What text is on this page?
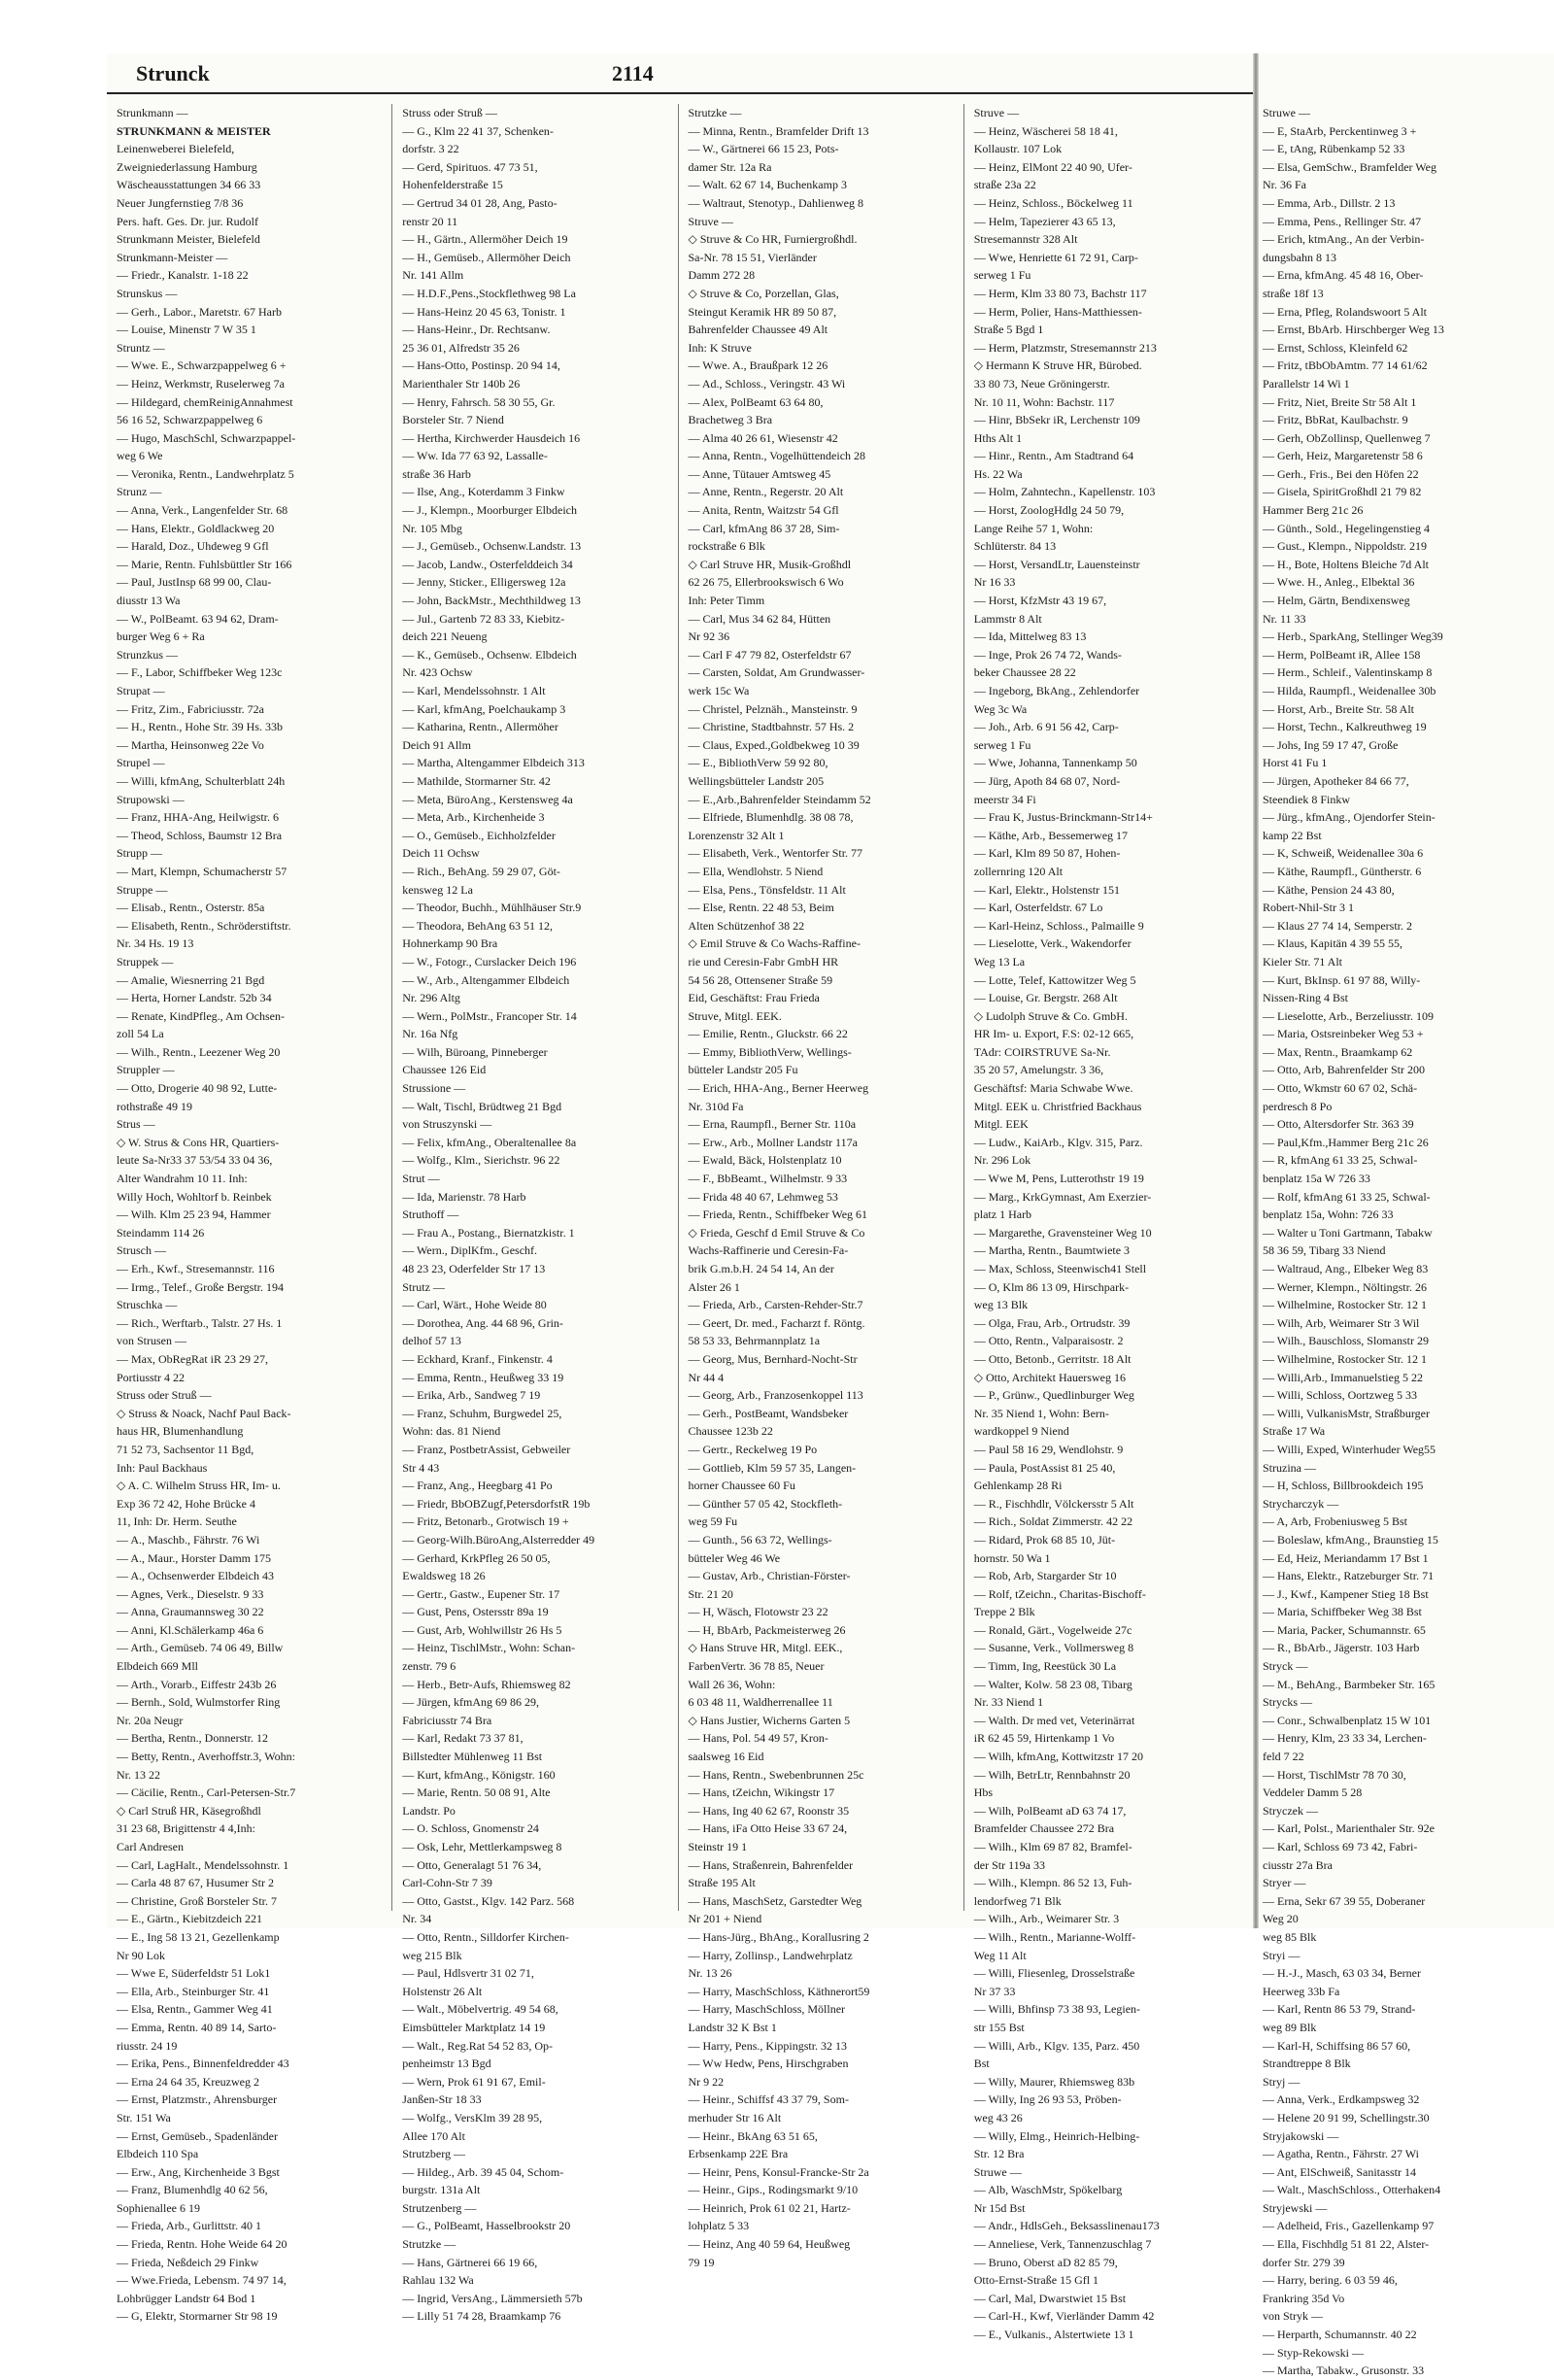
Strunck	2114
Strunkmann —
STRUNKMANN & MEISTER
Leinenweberei Bielefeld,
Zweigniederlassung Hamburg
Wäscheausstattungen 34 66 33
Neuer Jungfernstieg 7/8 36
Pers. haft. Ges. Dr. jur. Rudolf
Strunkmann Meister, Bielefeld
Strunkmann-Meister —
— Friedr., Kanalstr. 1-18 22
Strunskus —
— Gerh., Labor., Maretstr. 67 Harb
— Louise, Minenstr 7 W 35 1
Struntz —
— Wwe. E., Schwarzpappelweg 6 +
— Heinz, Werkmstr, Ruselerweg 7a
— Hildegard, chemReinigAnnahmest
56 16 52, Schwarzpappelweg 6
— Hugo, MaschSchl, Schwarzpappel-
weg 6 We
— Veronika, Rentn., Landwehrplatz 5
Strunz —
— Anna, Verk., Langenfelder Str. 68
— Hans, Elektr., Goldlackweg 20
— Harald, Doz., Uhdeweg 9 Gfl
— Marie, Rentn. Fuhlsbüttler Str 166
— Paul, JustInsp 68 99 00, Clau-
diusstr 13 Wa
— W., PolBeamt. 63 94 62, Dram-
burger Weg 6 + Ra
Strunzkus —
— F., Labor, Schiffbeker Weg 123c
Strupat —
— Fritz, Zim., Fabriciusstr. 72a
— H., Rentn., Hohe Str. 39 Hs. 33b
— Martha, Heinsonweg 22e Vo
Strupel —
— Willi, kfmAng, Schulterblatt 24h
Strupowski —
— Franz, HHA-Ang, Heilwigstr. 6
— Theod, Schloss, Baumstr 12 Bra
Strupp —
— Mart, Klempn, Schumacherstr 57
Struppe —
— Elisab., Rentn., Osterstr. 85a
— Elisabeth, Rentn., Schröderstiftstr.
Nr. 34 Hs. 19 13
Struppek —
— Amalie, Wiesnerring 21 Bgd
— Herta, Horner Landstr. 52b 34
— Renate, KindPfleg., Am Ochsen-
zoll 54 La
— Wilh., Rentn., Leezener Weg 20
Struppler —
— Otto, Drogerie 40 98 92, Lutte-
rothstraße 49 19
Strus —
◇ W. Strus & Cons HR, Quartiers-
leute Sa-Nr33 37 53/54 33 04 36,
Alter Wandrahm 10 11. Inh:
Willy Hoch, Wohltorf b. Reinbek
— Wilh. Klm 25 23 94, Hammer
Steindamm 114 26
Strusch —
— Erh., Kwf., Stresemannstr. 116
— Irmg., Telef., Große Bergstr. 194
Struschka —
— Rich., Werftarb., Talstr. 27 Hs. 1
von Strusen —
— Max, ObRegRat iR 23 29 27,
Portiusstr 4 22
Struss oder Struß —
◇ Struss & Noack, Nachf Paul Back-
haus HR, Blumenhandlung
71 52 73, Sachsentor 11 Bgd,
Inh: Paul Backhaus
◇ A. C. Wilhelm Struss HR, Im- u.
Exp 36 72 42, Hohe Brücke 4
11, Inh: Dr. Herm. Seuthe
— A., Maschb., Fährstr. 76 Wi
— A., Maur., Horster Damm 175
— A., Ochsenwerder Elbdeich 43
— Agnes, Verk., Dieselstr. 9 33
— Anna, Graumannsweg 30 22
— Anni, Kl.Schälerkamp 46a 6
— Arth., Gemüseb. 74 06 49, Billw
Elbdeich 669 Mll
— Arth., Vorarb., Eiffestr 243b 26
— Bernh., Sold, Wulmstorfer Ring
Nr. 20a Neugr
— Bertha, Rentn., Donnerstr. 12
— Betty, Rentn., Averhoffstr.3, Wohn:
Nr. 13 22
— Cäcilie, Rentn., Carl-Petersen-Str.7
◇ Carl Struß HR, Käsegroßhdl
31 23 68, Brigittenstr 4 4,Inh:
Carl Andresen
— Carl, LagHalt., Mendelssohnstr. 1
— Carla 48 87 67, Husumer Str 2
— Christine, Groß Borsteler Str. 7
— E., Gärtn., Kiebitzdeich 221
— E., Ing 58 13 21, Gezellenkamp
Nr 90 Lok
— Wwe E, Süderfeldstr 51 Lok1
— Ella, Arb., Steinburger Str. 41
— Elsa, Rentn., Gammer Weg 41
— Emma, Rentn. 40 89 14, Sarto-
riusstr. 24 19
— Erika, Pens., Binnenfeldredder 43
— Erna 24 64 35, Kreuzweg 2
— Ernst, Platzmstr., Ahrensburger
Str. 151 Wa
— Ernst, Gemüseb., Spadenländer
Elbdeich 110 Spa
— Erw., Ang, Kirchenheide 3 Bgst
— Franz, Blumenhdlg 40 62 56,
Sophienallee 6 19
— Frieda, Arb., Gurlittstr. 40 1
— Frieda, Rentn. Hohe Weide 64 20
— Frieda, Neßdeich 29 Finkw
— Wwe.Frieda, Lebensm. 74 97 14,
Lohbrügger Landstr 64 Bod 1
— G, Elektr, Stormarner Str 98 19
Struss oder Struß —
— G., Klm 22 41 37, Schenken-
dorfstr. 3 22
— Gerd, Spirituos. 47 73 51,
Hohenfelderstraße 15
— Gertrud 34 01 28, Ang, Pasto-
renstr 20 11
— H., Gärtn., Allermöher Deich 19
— H., Gemüseb., Allermöher Deich
Nr. 141 Allm
— H.D.F.,Pens.,Stockflethweg 98 La
— Hans-Heinz 20 45 63, Tonistr. 1
— Hans-Heinr., Dr. Rechtsanw.
25 36 01, Alfredstr 35 26
— Hans-Otto, Postinsp. 20 94 14,
Marienthaler Str 140b 26
— Henry, Fahrsch. 58 30 55, Gr.
Borsteler Str. 7 Niend
— Hertha, Kirchwerder Hausdeich 16
— Ww. Ida 77 63 92, Lassalle-
straße 36 Harb
— Ilse, Ang., Koterdamm 3 Finkw
— J., Klempn., Moorburger Elbdeich
Nr. 105 Mbg
— J., Gemüseb., Ochsenw.Landstr. 13
— Jacob, Landw., Osterfelddeich 34
— Jenny, Sticker., Elligersweg 12a
— John, BackMstr., Mechthildweg 13
— Jul., Gartenb 72 83 33, Kiebitz-
deich 221 Neueng
— K., Gemüseb., Ochsenw. Elbdeich
Nr. 423 Ochsw
— Karl, Mendelssohnstr. 1 Alt
— Karl, kfmAng, Poelchaukamp 3
— Katharina, Rentn., Allermöher
Deich 91 Allm
— Martha, Altengammer Elbdeich 313
— Mathilde, Stormarner Str. 42
— Meta, BüroAng., Kerstensweg 4a
— Meta, Arb., Kirchenheide 3
— O., Gemüseb., Eichholzfelder
Deich 11 Ochsw
— Rich., BehAng. 59 29 07, Göt-
kensweg 12 La
— Theodor, Buchh., Mühlhäuser Str.9
— Theodora, BehAng 63 51 12,
Hohnerkamp 90 Bra
— W., Fotogr., Curslacker Deich 196
— W., Arb., Altengammer Elbdeich
Nr. 296 Altg
— Wern., PolMstr., Francoper Str. 14
Nr. 16a Nfg
— Wilh, Büroang, Pinneberger
Chaussee 126 Eid
Strussione —
— Walt, Tischl, Brüdtweg 21 Bgd
von Struszynski —
— Felix, kfmAng., Oberaltenallee 8a
— Wolfg., Klm., Sierichstr. 96 22
Strut —
— Ida, Marienstr. 78 Harb
Struthoff —
— Frau A., Postang., Biernatzkistr. 1
— Wern., DiplKfm., Geschf.
48 23 23, Oderfelder Str 17 13
Strutz —
— Carl, Wärt., Hohe Weide 80
— Dorothea, Ang. 44 68 96, Grin-
delhof 57 13
— Eckhard, Kranf., Finkenstr. 4
— Emma, Rentn., Heußweg 33 19
— Erika, Arb., Sandweg 7 19
— Franz, Schuhm, Burgwedel 25,
Wohn: das. 81 Niend
— Franz, PostbetrAssist, Gebweiler
Str 4 43
— Franz, Ang., Heegbarg 41 Po
— Friedr, BbOBZugf,PetersdorfstR 19b
— Fritz, Betonarb., Grotwisch 19 +
— Georg-Wilh.BüroAng,Alsterredder 49
— Gerhard, KrkPfleg 26 50 05,
Ewaldsweg 18 26
— Gertr., Gastw., Eupener Str. 17
— Gust, Pens, Ostersstr 89a 19
— Gust, Arb, Wohlwillstr 26 Hs 5
— Heinz, TischlMstr., Wohn: Schan-
zenstr. 79 6
— Herb., Betr-Aufs, Rhiemsweg 82
— Jürgen, kfmAng 69 86 29,
Fabriciusstr 74 Bra
— Karl, Redakt 73 37 81,
Billstedter Mühlenweg 11 Bst
— Kurt, kfmAng., Königstr. 160
— Marie, Rentn. 50 08 91, Alte
Landstr. Po
— O. Schloss, Gnomenstr 24
— Osk, Lehr, Mettlerkampsweg 8
— Otto, Generalagt 51 76 34,
Carl-Cohn-Str 7 39
— Otto, Gastst., Klgv. 142 Parz. 568
Nr. 34
— Otto, Rentn., Silldorfer Kirchen-
weg 215 Blk
— Paul, Hdlsvertr 31 02 71,
Holstenstr 26 Alt
— Walt., Möbelvertrig. 49 54 68,
Eimsbütteler Marktplatz 14 19
— Walt., Reg.Rat 54 52 83, Op-
penheimstr 13 Bgd
— Wern, Prok 61 91 67, Emil-
Janßen-Str 18 33
— Wolfg., VersKlm 39 28 95,
Allee 170 Alt
Strutzberg —
— Hildeg., Arb. 39 45 04, Schom-
burgstr. 131a Alt
Strutzenberg —
— G., PolBeamt, Hasselbrookstr 20
Strutzke —
— Hans, Gärtnerei 66 19 66,
Rahlau 132 Wa
— Ingrid, VersAng., Lämmersieth 57b
— Lilly 51 74 28, Braamkamp 76
Strutzke —
— Minna, Rentn., Bramfelder Drift 13
— W., Gärtnerei 66 15 23, Pots-
damer Str. 12a Ra
— Walt. 62 67 14, Buchenkamp 3
— Waltraut, Stenotyp., Dahlienweg 8
Struve —
◇ Struve & Co HR, Furniergroßhdl.
Sa-Nr. 78 15 51, Vierländer
Damm 272 28
◇ Struve & Co, Porzellan, Glas,
Steingut Keramik HR 89 50 87,
Bahrenfelder Chaussee 49 Alt
Inh: K Struve
— Wwe. A., Braußpark 12 26
— Ad., Schloss., Veringstr. 43 Wi
— Alex, PolBeamt 63 64 80,
Brachetweg 3 Bra
— Alma 40 26 61, Wiesenstr 42
— Anna, Rentn., Vogelhüttendeich 28
— Anne, Tütauer Amtsweg 45
— Anne, Rentn., Regerstr. 20 Alt
— Anita, Rentn, Waitzstr 54 Gfl
— Carl, kfmAng 86 37 28, Sim-
rockstraße 6 Blk
◇ Carl Struve HR, Musik-Großhdl
62 26 75, Ellerbrookswisch 6 Wo
Inh: Peter Timm
— Carl, Mus 34 62 84, Hütten
Nr 92 36
— Carl F 47 79 82, Osterfeldstr 67
— Carsten, Soldat, Am Grundwasser-
werk 15c Wa
— Christel, Pelznäh., Mansteinstr. 9
— Christine, Stadtbahnstr. 57 Hs. 2
— Claus, Exped.,Goldbekweg 10 39
— E., BibliothVerw 59 92 80,
Wellingsbütteler Landstr 205
— E.,Arb.,Bahrenfelder Steindamm 52
— Elfriede, Blumenhdlg. 38 08 78,
Lorenzenstr 32 Alt 1
— Elisabeth, Verk., Wentorfer Str. 77
— Ella, Wendlohstr. 5 Niend
— Elsa, Pens., Tönsfeldstr. 11 Alt
— Else, Rentn. 22 48 53, Beim
Alten Schützenhof 38 22
◇ Emil Struve & Co Wachs-Raffine-
rie und Ceresin-Fabr GmbH HR
54 56 28, Ottensener Straße 59
Eid, Geschäftst: Frau Frieda
Struve, Mitgl. EEK.
— Emilie, Rentn., Gluckstr. 66 22
— Emmy, BibliothVerw, Wellings-
bütteler Landstr 205 Fu
— Erich, HHA-Ang., Berner Heerweg
Nr. 310d Fa
— Erna, Raumpfl., Berner Str. 110a
— Erw., Arb., Mollner Landstr 117a
— Ewald, Bäck, Holstenplatz 10
— F., BbBeamt., Wilhelmstr. 9 33
— Frida 48 40 67, Lehmweg 53
— Frieda, Rentn., Schiffbeker Weg 61
◇ Frieda, Geschf d Emil Struve & Co
Wachs-Raffinerie und Ceresin-Fa-
brik G.m.b.H. 24 54 14, An der
Alster 26 1
— Frieda, Arb., Carsten-Rehder-Str.7
— Geert, Dr. med., Facharzt f. Röntg.
58 53 33, Behrmannplatz 1a
— Georg, Mus, Bernhard-Nocht-Str
Nr 44 4
— Georg, Arb., Franzosenkoppel 113
— Gerh., PostBeamt, Wandsbeker
Chaussee 123b 22
— Gertr., Reckelweg 19 Po
— Gottlieb, Klm 59 57 35, Langen-
horner Chaussee 60 Fu
— Günther 57 05 42, Stockfleth-
weg 59 Fu
— Gunth., 56 63 72, Wellings-
bütteler Weg 46 We
— Gustav, Arb., Christian-Förster-
Str. 21 20
— H, Wäsch, Flotowstr 23 22
— H, BbArb, Packmeisterweg 26
◇ Hans Struve HR, Mitgl. EEK.,
FarbenVertr. 36 78 85, Neuer
Wall 26 36, Wohn:
6 03 48 11, Waldherrenallee 11
◇ Hans Justier, Wicherns Garten 5
— Hans, Pol. 54 49 57, Kron-
saalsweg 16 Eid
— Hans, Rentn., Swebenbrunnen 25c
— Hans, tZeichn, Wikingstr 17
— Hans, Ing 40 62 67, Roonstr 35
— Hans, iFa Otto Heise 33 67 24,
Steinstr 19 1
— Hans, Straßenrein, Bahrenfelder
Straße 195 Alt
— Hans, MaschSetz, Garstedter Weg
Nr 201 + Niend
— Hans-Jürg., BhAng., Korallusring 2
— Harry, Zollinsp., Landwehrplatz
Nr. 13 26
— Harry, MaschSchloss, Käthnerort59
— Harry, MaschSchloss, Möllner
Landstr 32 K Bst 1
— Harry, Pens., Kippingstr. 32 13
— Ww Hedw, Pens, Hirschgraben
Nr 9 22
— Heinr., Schiffsf 43 37 79, Som-
merhuder Str 16 Alt
— Heinr., BkAng 63 51 65,
Erbsenkamp 22E Bra
— Heinr, Pens, Konsul-Francke-Str 2a
— Heinr., Gips., Rodingsmarkt 9/10
— Heinrich, Prok 61 02 21, Hartz-
lohplatz 5 33
— Heinz, Ang 40 59 64, Heußweg
79 19
Struve —
— Heinz, Wäscherei 58 18 41,
Kollaustr. 107 Lok
— Heinz, ElMont 22 40 90, Ufer-
straße 23a 22
— Heinz, Schloss., Böckelweg 11
— Helm, Tapezierer 43 65 13,
Stresemannstr 328 Alt
— Wwe, Henriette 61 72 91, Carp-
serweg 1 Fu
— Herm, Klm 33 80 73, Bachstr 117
— Herm, Polier, Hans-Matthiessen-
Straße 5 Bgd 1
— Herm, Platzmstr, Stresemannstr 213
◇ Hermann K Struve HR, Bürobed.
33 80 73, Neue Gröningerstr.
Nr. 10 11, Wohn: Bachstr. 117
— Hinr, BbSekr iR, Lerchenstr 109
Hths Alt 1
— Hinr., Rentn., Am Stadtrand 64
Hs. 22 Wa
— Holm, Zahntechn., Kapellenstr. 103
— Horst, ZoologHdlg 24 50 79,
Lange Reihe 57 1, Wohn:
Schlüterstr. 84 13
— Horst, VersandLtr, Lauensteinstr
Nr 16 33
— Horst, KfzMstr 43 19 67,
Lammstr 8 Alt
— Ida, Mittelweg 83 13
— Inge, Prok 26 74 72, Wands-
beker Chaussee 28 22
— Ingeborg, BkAng., Zehlendorfer
Weg 3c Wa
— Joh., Arb. 6 91 56 42, Carp-
serweg 1 Fu
— Wwe, Johanna, Tannenkamp 50
— Jürg, Apoth 84 68 07, Nord-
meerstr 34 Fi
— Frau K, Justus-Brinckmann-Str14+
— Käthe, Arb., Bessemerweg 17
— Karl, Klm 89 50 87, Hohen-
zollernring 120 Alt
— Karl, Elektr., Holstenstr 151
— Karl, Osterfeldstr. 67 Lo
— Karl-Heinz, Schloss., Palmaille 9
— Lieselotte, Verk., Wakendorfer
Weg 13 La
— Lotte, Telef, Kattowitzer Weg 5
— Louise, Gr. Bergstr. 268 Alt
◇ Ludolph Struve & Co. GmbH.
HR Im- u. Export, F.S: 02-12 665,
TAdr: COIRSTRUVE Sa-Nr.
35 20 57, Amelungstr. 3 36,
Geschäftsf: Maria Schwabe Wwe.
Mitgl. EEK u. Christfried Backhaus
Mitgl. EEK
— Ludw., KaiArb., Klgv. 315, Parz.
Nr. 296 Lok
— Wwe M, Pens, Lutterothstr 19 19
— Marg., KrkGymnast, Am Exerzier-
platz 1 Harb
— Margarethe, Gravensteiner Weg 10
— Martha, Rentn., Baumtwiete 3
— Max, Schloss, Steenwisch41 Stell
— O, Klm 86 13 09, Hirschpark-
weg 13 Blk
— Olga, Frau, Arb., Ortrudstr. 39
— Otto, Rentn., Valparaisostr. 2
— Otto, Betonb., Gerritstr. 18 Alt
◇ Otto, Architekt Hauersweg 16
— P., Grünw., Quedlinburger Weg
Nr. 35 Niend 1, Wohn: Bern-
wardkoppel 9 Niend
— Paul 58 16 29, Wendlohstr. 9
— Paula, PostAssist 81 25 40,
Gehlenkamp 28 Ri
— R., Fischhdlr, Völckersstr 5 Alt
— Rich., Soldat Zimmerstr. 42 22
— Ridard, Prok 68 85 10, Jüt-
hornstr. 50 Wa 1
— Rob, Arb, Stargarder Str 10
— Rolf, tZeichn., Charitas-Bischoff-
Treppe 2 Blk
— Ronald, Gärt., Vogelweide 27c
— Susanne, Verk., Vollmersweg 8
— Timm, Ing, Reestück 30 La
— Walter, Kolw. 58 23 08, Tibarg
Nr. 33 Niend 1
— Walth. Dr med vet, Veterinärrat
iR 62 45 59, Hirtenkamp 1 Vo
— Wilh, kfmAng, Kottwitzstr 17 20
— Wilh, BetrLtr, Rennbahnstr 20
Hbs
— Wilh, PolBeamt aD 63 74 17,
Bramfelder Chaussee 272 Bra
— Wilh., Klm 69 87 82, Bramfel-
der Str 119a 33
— Wilh., Klempn. 86 52 13, Fuh-
lendorfweg 71 Blk
— Wilh., Arb., Weimarer Str. 3
— Wilh., Rentn., Marianne-Wolff-
Weg 11 Alt
— Willi, Fliesenleg, Drosselstraße
Nr 37 33
— Willi, Bhfinsp 73 38 93, Legien-
str 155 Bst
— Willi, Arb., Klgv. 135, Parz. 450
Bst
— Willy, Maurer, Rhiemsweg 83b
— Willy, Ing 26 93 53, Pröben-
weg 43 26
— Willy, Elmg., Heinrich-Helbing-
Str. 12 Bra
Struwe —
— Alb, WaschMstr, Spökelbarg
Nr 15d Bst
— Andr., HdlsGeh., Beksasslinenau173
— Anneliese, Verk, Tannenzuschlag 7
— Bruno, Oberst aD 82 85 79,
Otto-Ernst-Straße 15 Gfl 1
— Carl, Mal, Dwarstwiet 15 Bst
— Carl-H., Kwf, Vierländer Damm 42
— E., Vulkanis., Alstertwiete 13 1
Struwe —
— E, StaArb, Perckentinweg 3 +
— E, tAng, Rübenkamp 52 33
— Elsa, GemSchw., Bramfelder Weg
Nr. 36 Fa
— Emma, Arb., Dillstr. 2 13
— Emma, Pens., Rellinger Str. 47
— Erich, ktmAng., An der Verbin-
dungsbahn 8 13
— Erna, kfmAng. 45 48 16, Ober-
straße 18f 13
— Erna, Pfleg, Rolandswoort 5 Alt
— Ernst, BbArb. Hirschberger Weg 13
— Ernst, Schloss, Kleinfeld 62
— Fritz, tBbObAmtm. 77 14 61/62
Parallelstr 14 Wi 1
— Fritz, Niet, Breite Str 58 Alt 1
— Fritz, BbRat, Kaulbachstr. 9
— Gerh, ObZollinsp, Quellenweg 7
— Gerh, Heiz, Margaretenstr 58 6
— Gerh., Fris., Bei den Höfen 22
— Gisela, SpiritGroßhdl 21 79 82
Hammer Berg 21c 26
— Günth., Sold., Hegelingenstieg 4
— Gust., Klempn., Nippoldstr. 219
— H., Bote, Holtens Bleiche 7d Alt
— Wwe. H., Anleg., Elbektal 36
— Helm, Gärtn, Bendixensweg
Nr. 11 33
— Herb., SparkAng, Stellinger Weg39
— Herm, PolBeamt iR, Allee 158
— Herm., Schleif., Valentinskamp 8
— Hilda, Raumpfl., Weidenallee 30b
— Horst, Arb., Breite Str. 58 Alt
— Horst, Techn., Kalkreuthweg 19
— Johs, Ing 59 17 47, Große
Horst 41 Fu 1
— Jürgen, Apotheker 84 66 77,
Steendiek 8 Finkw
— Jürg., kfmAng., Ojendorfer Stein-
kamp 22 Bst
— K, Schweiß, Weidenallee 30a 6
— Käthe, Raumpfl., Güntherstr. 6
— Käthe, Pension 24 43 80,
Robert-Nhil-Str 3 1
— Klaus 27 74 14, Semperstr. 2
— Klaus, Kapitän 4 39 55 55,
Kieler Str. 71 Alt
— Kurt, BkInsp. 61 97 88, Willy-
Nissen-Ring 4 Bst
— Lieselotte, Arb., Berzeliusstr. 109
— Maria, Ostsreinbeker Weg 53 +
— Max, Rentn., Braamkamp 62
— Otto, Arb, Bahrenfelder Str 200
— Otto, Wkmstr 60 67 02, Schä-
perdresch 8 Po
— Otto, Altersdorfer Str. 363 39
— Paul,Kfm.,Hammer Berg 21c 26
— R, kfmAng 61 33 25, Schwal-
benplatz 15a W 726 33
— Rolf, kfmAng 61 33 25, Schwal-
benplatz 15a, Wohn: 726 33
— Walter u Toni Gartmann, Tabakw
58 36 59, Tibarg 33 Niend
— Waltraud, Ang., Elbeker Weg 83
— Werner, Klempn., Nöltingstr. 26
— Wilhelmine, Rostocker Str. 12 1
— Wilh, Arb, Weimarer Str 3 Wil
— Wilh., Bauschloss, Slomanstr 29
— Wilhelmine, Rostocker Str. 12 1
— Willi,Arb., Immanuelstieg 5 22
— Willi, Schloss, Oortzweg 5 33
— Willi, VulkanisMstr, Straßburger
Straße 17 Wa
— Willi, Exped, Winterhuder Weg55
Struzina —
— H, Schloss, Billbrookdeich 195
Strycharczyk —
— A, Arb, Frobeniusweg 5 Bst
— Boleslaw, kfmAng., Braunstieg 15
— Ed, Heiz, Meriandamm 17 Bst 1
— Hans, Elektr., Ratzeburger Str. 71
— J., Kwf., Kampener Stieg 18 Bst
— Maria, Schiffbeker Weg 38 Bst
— Maria, Packer, Schumannstr. 65
— R., BbArb., Jägerstr. 103 Harb
Stryck —
— M., BehAng., Barmbeker Str. 165
Strycks —
— Conr., Schwalbenplatz 15 W 101
— Henry, Klm, 23 33 34, Lerchen-
feld 7 22
— Horst, TischlMstr 78 70 30,
Veddeler Damm 5 28
Stryczek —
— Karl, Polst., Marienthaler Str. 92e
— Karl, Schloss 69 73 42, Fabri-
ciusstr 27a Bra
Stryer —
— Erna, Sekr 67 39 55, Doberaner
Weg 20
weg 85 Blk
Stryi —
— H.-J., Masch, 63 03 34, Berner
Heerweg 33b Fa
— Karl, Rentn 86 53 79, Strand-
weg 89 Blk
— Karl-H, Schiffsing 86 57 60,
Strandtreppe 8 Blk
Stryj —
— Anna, Verk., Erdkampsweg 32
— Helene 20 91 99, Schellingstr.30
Stryjakowski —
— Agatha, Rentn., Fährstr. 27 Wi
— Ant, ElSchweiß, Sanitasstr 14
— Walt., MaschSchloss., Otterhaken4
Stryjewski —
— Adelheid, Fris., Gazellenkamp 97
— Ella, Fischhdlg 51 81 22, Alster-
dorfer Str. 279 39
— Harry, bering. 6 03 59 46,
Frankring 35d Vo
von Stryk —
— Herparth, Schumannstr. 40 22
— Styp-Rekowski —
— Martha, Tabakw., Grusonstr. 33
